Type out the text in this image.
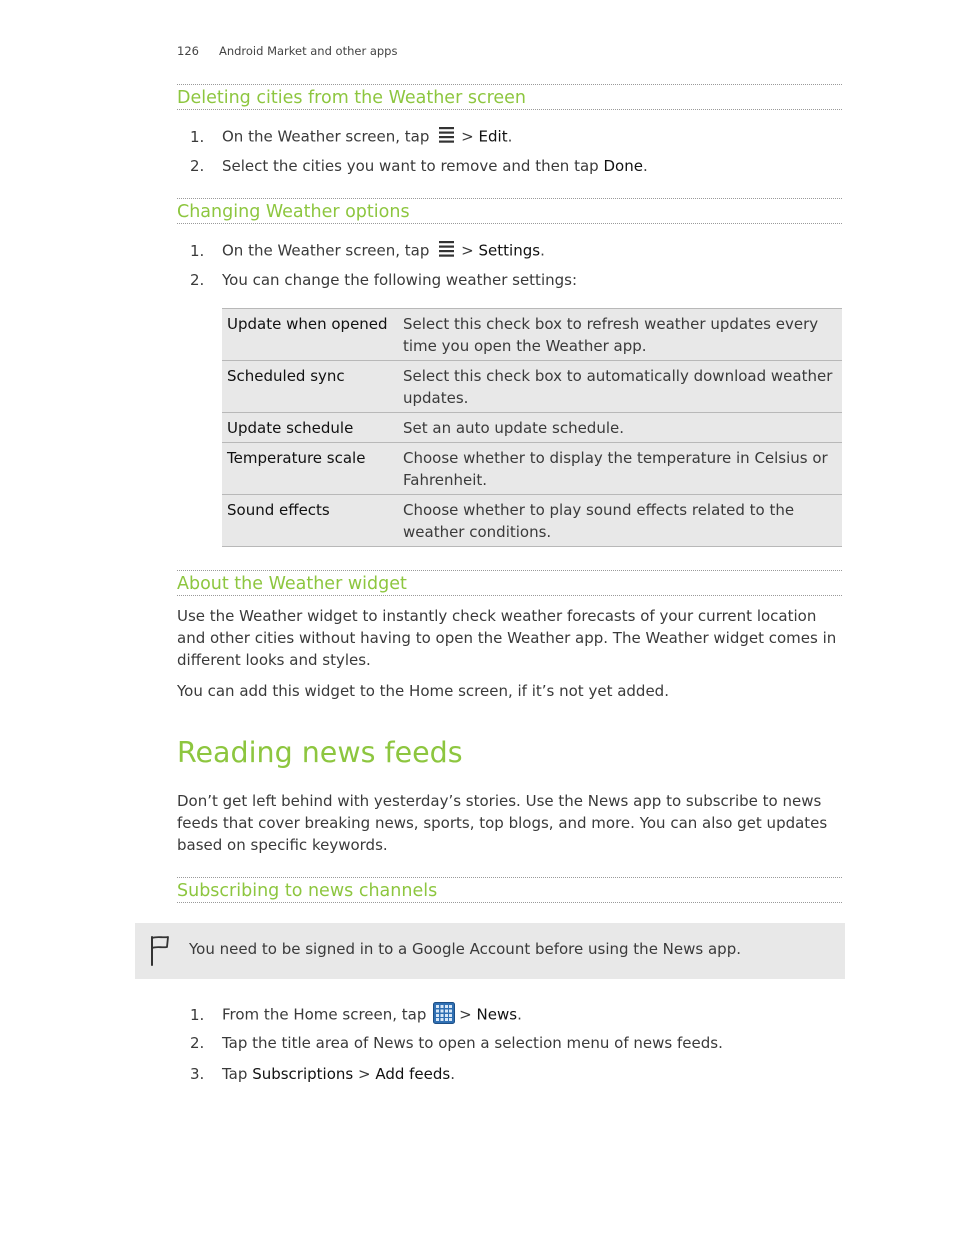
126 Android Market and other apps
Deleting cities from the Weather screen
1. On the Weather screen, tap > Edit.
2. Select the cities you want to remove and then tap Done.
Changing Weather options
1. On the Weather screen, tap > Settings.
2. You can change the following weather settings:
Update when opened	Select this check box to refresh weather updates every time you open the Weather app.
Scheduled sync	Select this check box to automatically download weather updates.
Update schedule	Set an auto update schedule.
Temperature scale	Choose whether to display the temperature in Celsius or Fahrenheit.
Sound effects	Choose whether to play sound effects related to the weather conditions.
About the Weather widget

Use the Weather widget to instantly check weather forecasts of your current location and other cities without having to open the Weather app. The Weather widget comes in different looks and styles.

You can add this widget to the Home screen, if it’s not yet added.

Reading news feeds

Don’t get left behind with yesterday’s stories. Use the News app to subscribe to news feeds that cover breaking news, sports, top blogs, and more. You can also get updates based on specific keywords.

Subscribing to news channels
You need to be signed in to a Google Account before using the News app.
1. From the Home screen, tap > News.
2. Tap the title area of News to open a selection menu of news feeds.
3. Tap Subscriptions > Add feeds.
